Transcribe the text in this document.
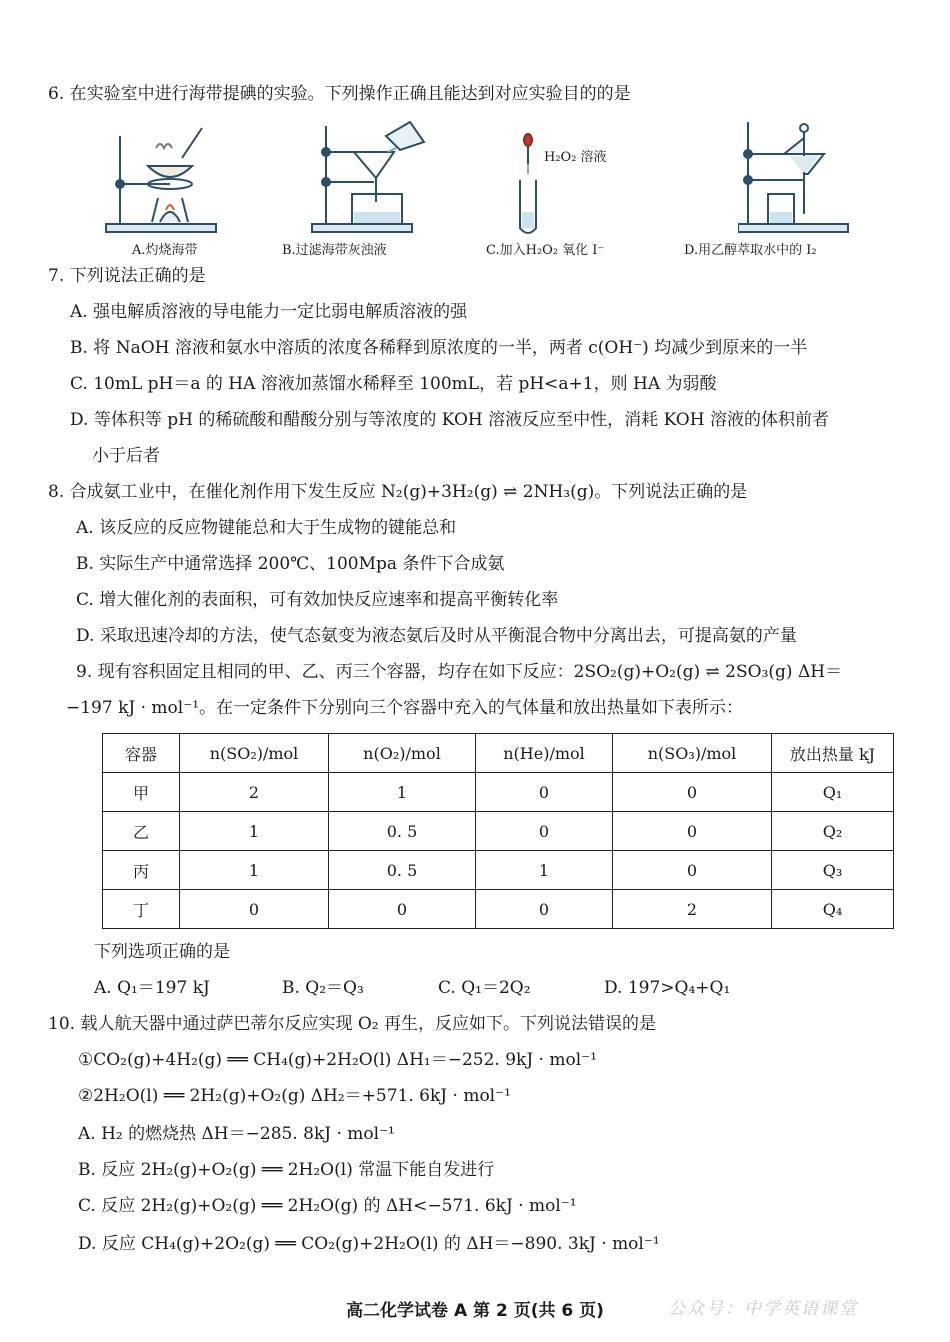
6. 在实验室中进行海带提碘的实验。下列操作正确且能达到对应实验目的的是
A.灼烧海带	B.过滤海带灰浊液
H₂O₂ 溶液
C.加入H₂O₂ 氧化 I⁻	D.用乙醇萃取水中的 I₂
7. 下列说法正确的是
A. 强电解质溶液的导电能力一定比弱电解质溶液的强
B. 将 NaOH 溶液和氨水中溶质的浓度各稀释到原浓度的一半，两者 c(OH⁻) 均减少到原来的一半
C. 10mL pH＝a 的 HA 溶液加蒸馏水稀释至 100mL，若 pH<a+1，则 HA 为弱酸
D. 等体积等 pH 的稀硫酸和醋酸分别与等浓度的 KOH 溶液反应至中性，消耗 KOH 溶液的体积前者
小于后者
8. 合成氨工业中，在催化剂作用下发生反应 N₂(g)+3H₂(g) ⇌ 2NH₃(g)。下列说法正确的是
A. 该反应的反应物键能总和大于生成物的键能总和
B. 实际生产中通常选择 200℃、100Mpa 条件下合成氨
C. 增大催化剂的表面积，可有效加快反应速率和提高平衡转化率
D. 采取迅速冷却的方法，使气态氨变为液态氨后及时从平衡混合物中分离出去，可提高氨的产量
9. 现有容积固定且相同的甲、乙、丙三个容器，均存在如下反应：2SO₂(g)+O₂(g) ⇌ 2SO₃(g) ΔH＝
−197 kJ · mol⁻¹。在一定条件下分别向三个容器中充入的气体量和放出热量如下表所示：
容器	n(SO₂)/mol	n(O₂)/mol	n(He)/mol	n(SO₃)/mol	放出热量 kJ
甲	2	1	0	0	Q₁
乙	1	0. 5	0	0	Q₂
丙	1	0. 5	1	0	Q₃
丁	0	0	0	2	Q₄
下列选项正确的是
A. Q₁＝197 kJ	B. Q₂＝Q₃	C. Q₁＝2Q₂	D. 197>Q₄+Q₁
10. 载人航天器中通过萨巴蒂尔反应实现 O₂ 再生，反应如下。下列说法错误的是
①CO₂(g)+4H₂(g) ══ CH₄(g)+2H₂O(l) ΔH₁＝−252. 9kJ · mol⁻¹
②2H₂O(l) ══ 2H₂(g)+O₂(g) ΔH₂＝+571. 6kJ · mol⁻¹
A. H₂ 的燃烧热 ΔH＝−285. 8kJ · mol⁻¹
B. 反应 2H₂(g)+O₂(g) ══ 2H₂O(l) 常温下能自发进行
C. 反应 2H₂(g)+O₂(g) ══ 2H₂O(g) 的 ΔH<−571. 6kJ · mol⁻¹
D. 反应 CH₄(g)+2O₂(g) ══ CO₂(g)+2H₂O(l) 的 ΔH＝−890. 3kJ · mol⁻¹
高二化学试卷 A 第 2 页(共 6 页)	公众号：中学英语课堂
